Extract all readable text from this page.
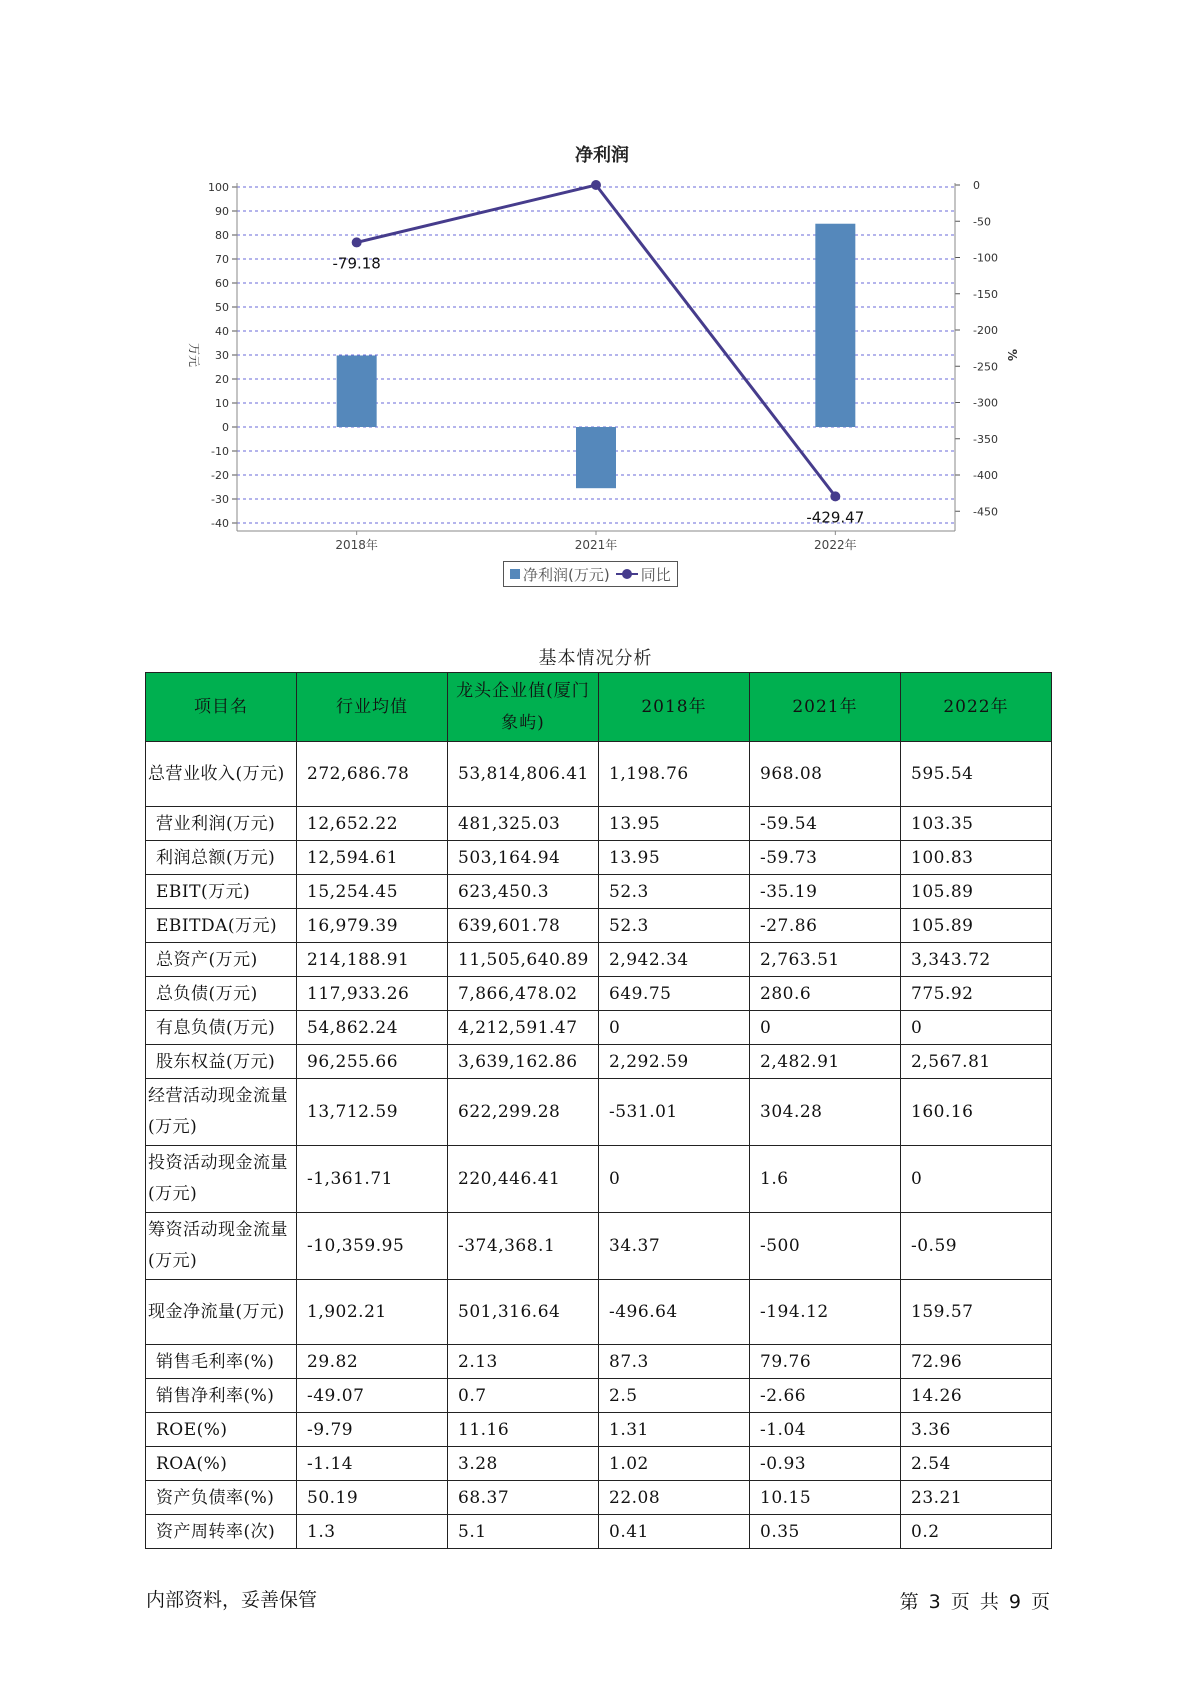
净利润
100
90
80
70
60
50
40
30
20
10
0
-10
-20
-30
-40
0
-50
-100
-150
-200
-250
-300
-350
-400
-450
万元	%
2018年	2021年	2022年
-79.18
-429.47
净利润(万元) 同比
基本情况分析
项目名	行业均值	龙头企业值(厦门象屿)	2018年	2021年	2022年
总营业收入(万元)	272,686.78	53,814,806.41	1,198.76	968.08	595.54
营业利润(万元)	12,652.22	481,325.03	13.95	-59.54	103.35
利润总额(万元)	12,594.61	503,164.94	13.95	-59.73	100.83
EBIT(万元)	15,254.45	623,450.3	52.3	-35.19	105.89
EBITDA(万元)	16,979.39	639,601.78	52.3	-27.86	105.89
总资产(万元)	214,188.91	11,505,640.89	2,942.34	2,763.51	3,343.72
总负债(万元)	117,933.26	7,866,478.02	649.75	280.6	775.92
有息负债(万元)	54,862.24	4,212,591.47	0	0	0
股东权益(万元)	96,255.66	3,639,162.86	2,292.59	2,482.91	2,567.81
经营活动现金流量(万元)	13,712.59	622,299.28	-531.01	304.28	160.16
投资活动现金流量(万元)	-1,361.71	220,446.41	0	1.6	0
筹资活动现金流量(万元)	-10,359.95	-374,368.1	34.37	-500	-0.59
现金净流量(万元)	1,902.21	501,316.64	-496.64	-194.12	159.57
销售毛利率(%)	29.82	2.13	87.3	79.76	72.96
销售净利率(%)	-49.07	0.7	2.5	-2.66	14.26
ROE(%)	-9.79	11.16	1.31	-1.04	3.36
ROA(%)	-1.14	3.28	1.02	-0.93	2.54
资产负债率(%)	50.19	68.37	22.08	10.15	23.21
资产周转率(次)	1.3	5.1	0.41	0.35	0.2
内部资料，妥善保管	第 3 页 共 9 页
